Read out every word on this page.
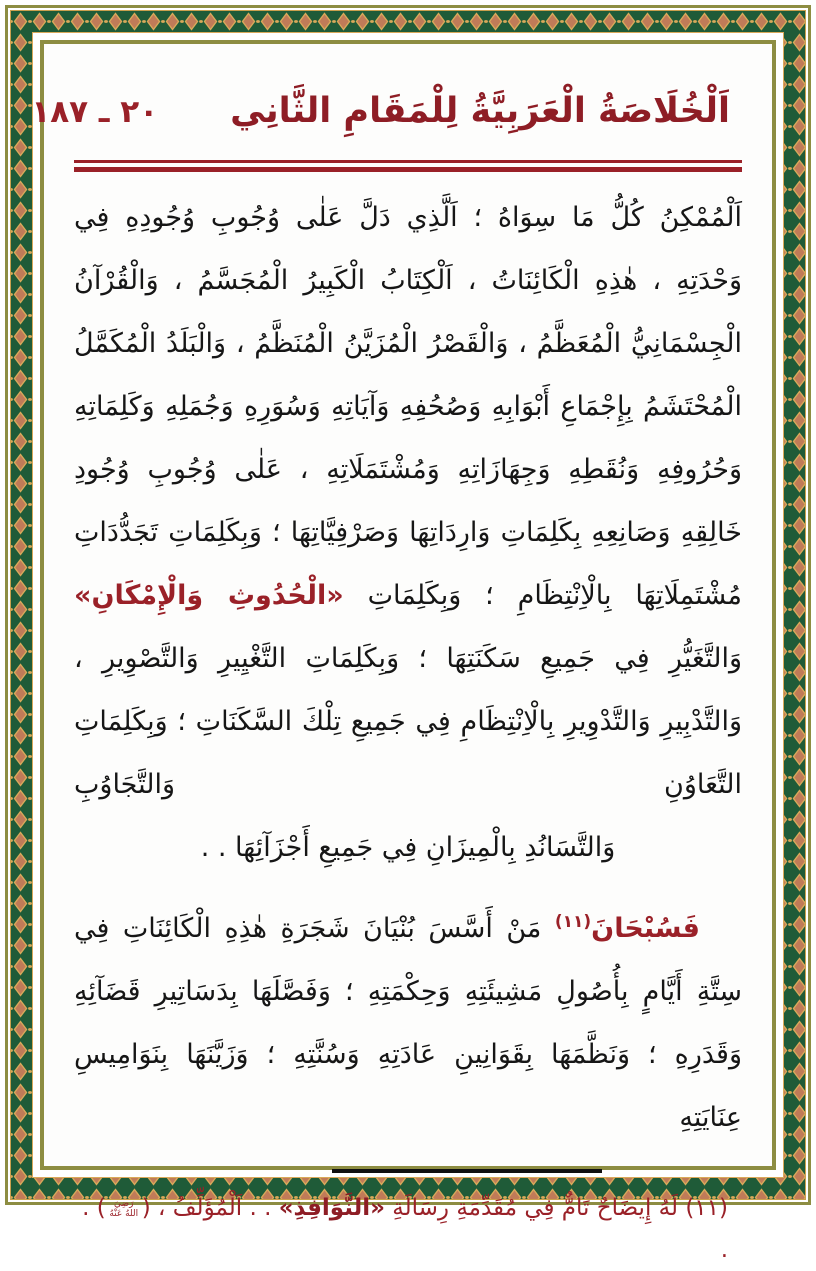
اَلْخُلَاصَةُ الْعَرَبِيَّةُ لِلْمَقَامِ الثَّانِي
٢٠ ـ ١٨٧
اَلْمُمْكِنُ كُلُّ مَا سِوَاهُ ؛ اَلَّذِي دَلَّ عَلٰى وُجُوبِ وُجُودِهِ فِي وَحْدَتِهِ ، هٰذِهِ الْكَائِنَاتُ ، اَلْكِتَابُ الْكَبِيرُ الْمُجَسَّمُ ، وَالْقُرْآنُ الْجِسْمَانِيُّ الْمُعَظَّمُ ، وَالْقَصْرُ الْمُزَيَّنُ الْمُنَظَّمُ ، وَالْبَلَدُ الْمُكَمَّلُ الْمُحْتَشَمُ بِإِجْمَاعِ أَبْوَابِهِ وَصُحُفِهِ وَآيَاتِهِ وَسُوَرِهِ وَجُمَلِهِ وَكَلِمَاتِهِ وَحُرُوفِهِ وَنُقَطِهِ وَجِهَازَاتِهِ وَمُشْتَمَلَاتِهِ ، عَلٰى وُجُوبِ وُجُودِ خَالِقِهِ وَصَانِعِهِ بِكَلِمَاتِ وَارِدَاتِهَا وَصَرْفِيَّاتِهَا ؛ وَبِكَلِمَاتِ تَجَدُّدَاتِ مُشْتَمِلَاتِهَا بِالْاِنْتِظَامِ ؛ وَبِكَلِمَاتِ «الْحُدُوثِ وَالْإِمْكَانِ» وَالتَّغَيُّرِ فِي جَمِيعِ سَكَنَتِهَا ؛ وَبِكَلِمَاتِ التَّغْيِيرِ وَالتَّصْوِيرِ ، وَالتَّدْبِيرِ وَالتَّدْوِيرِ بِالْاِنْتِظَامِ فِي جَمِيعِ تِلْكَ السَّكَنَاتِ ؛ وَبِكَلِمَاتِ التَّعَاوُنِ وَالتَّجَاوُبِ
وَالتَّسَانُدِ بِالْمِيزَانِ فِي جَمِيعِ أَجْزَآئِهَا . .
فَسُبْحَانَ$^{(١١)}$ مَنْ أَسَّسَ بُنْيَانَ شَجَرَةِ هٰذِهِ الْكَائِنَاتِ فِي سِتَّةِ أَيَّامٍ بِأُصُولِ مَشِيئَتِهِ وَحِكْمَتِهِ ؛ وَفَصَّلَهَا بِدَسَاتِيرِ قَضَآئِهِ وَقَدَرِهِ ؛ وَنَظَّمَهَا بِقَوَانِينِ عَادَتِهِ وَسُنَّتِهِ ؛ وَزَيَّنَهَا بِنَوَامِيسِ عِنَايَتِهِ
(١١) لَهُ إِيضَاحٌ تَامٌّ فِي مُقَدِّمَةِ رِسَالَةِ «النَّوَافِذِ» . . اَلْمُؤَلِّفُ ، (رَضِيَ اللهُ عَنْهُ) . .
